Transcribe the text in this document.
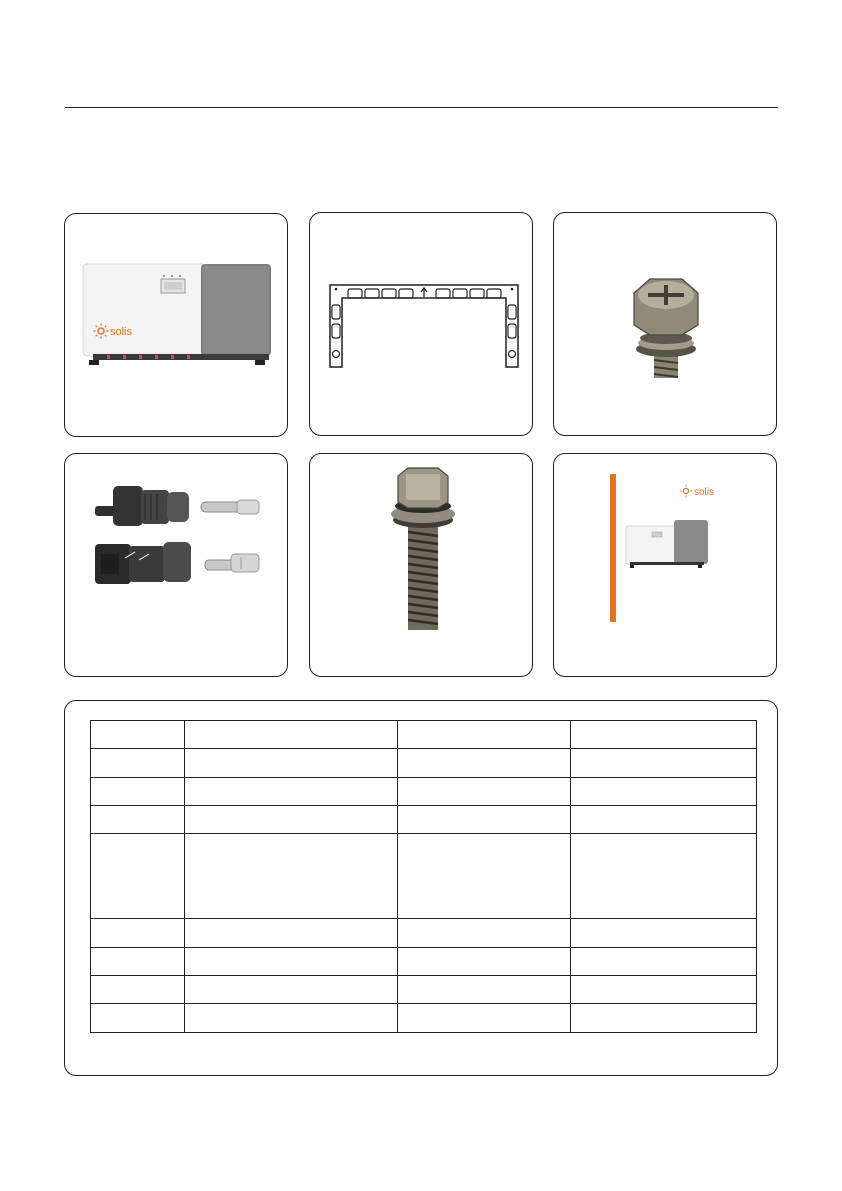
solis
solis
